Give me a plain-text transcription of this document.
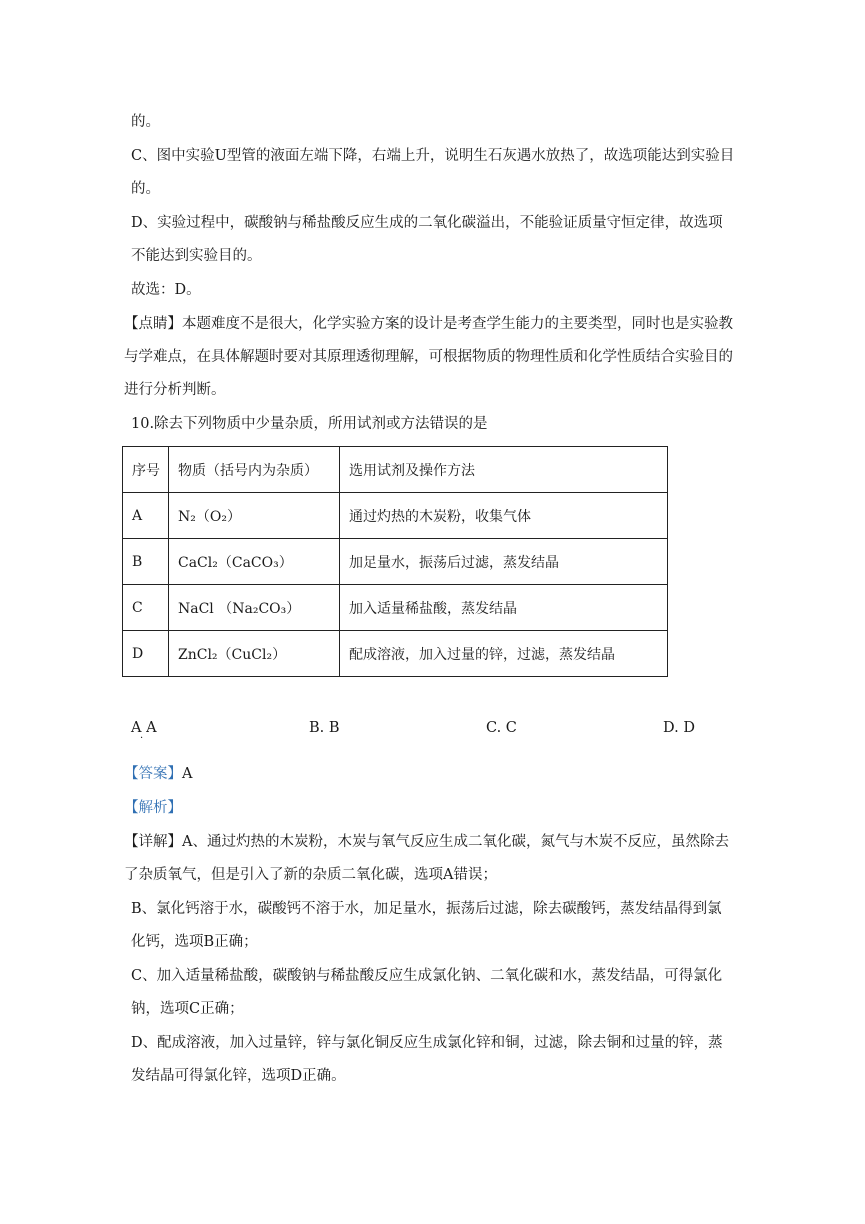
的。

C、图中实验U型管的液面左端下降，右端上升，说明生石灰遇水放热了，故选项能达到实验目的。

D、实验过程中，碳酸钠与稀盐酸反应生成的二氧化碳溢出，不能验证质量守恒定律，故选项不能达到实验目的。

故选：D。

【点睛】本题难度不是很大，化学实验方案的设计是考查学生能力的主要类型，同时也是实验教与学难点，在具体解题时要对其原理透彻理解，可根据物质的物理性质和化学性质结合实验目的进行分析判断。

10.除去下列物质中少量杂质，所用试剂或方法错误的是

序号	物质（括号内为杂质）	选用试剂及操作方法
A	N₂（O₂）	通过灼热的木炭粉，收集气体
B	CaCl₂（CaCO₃）	加足量水，振荡后过滤，蒸发结晶
C	NaCl （Na₂CO₃）	加入适量稀盐酸，蒸发结晶
D	ZnCl₂（CuCl₂）	配成溶液，加入过量的锌，过滤，蒸发结晶
A A
·
B. B	C. C	D. D

【答案】A

【解析】

【详解】A、通过灼热的木炭粉，木炭与氧气反应生成二氧化碳，氮气与木炭不反应，虽然除去了杂质氧气，但是引入了新的杂质二氧化碳，选项A错误；

B、氯化钙溶于水，碳酸钙不溶于水，加足量水，振荡后过滤，除去碳酸钙，蒸发结晶得到氯化钙，选项B正确；

C、加入适量稀盐酸，碳酸钠与稀盐酸反应生成氯化钠、二氧化碳和水，蒸发结晶，可得氯化钠，选项C正确；

D、配成溶液，加入过量锌，锌与氯化铜反应生成氯化锌和铜，过滤，除去铜和过量的锌，蒸发结晶可得氯化锌，选项D正确。
